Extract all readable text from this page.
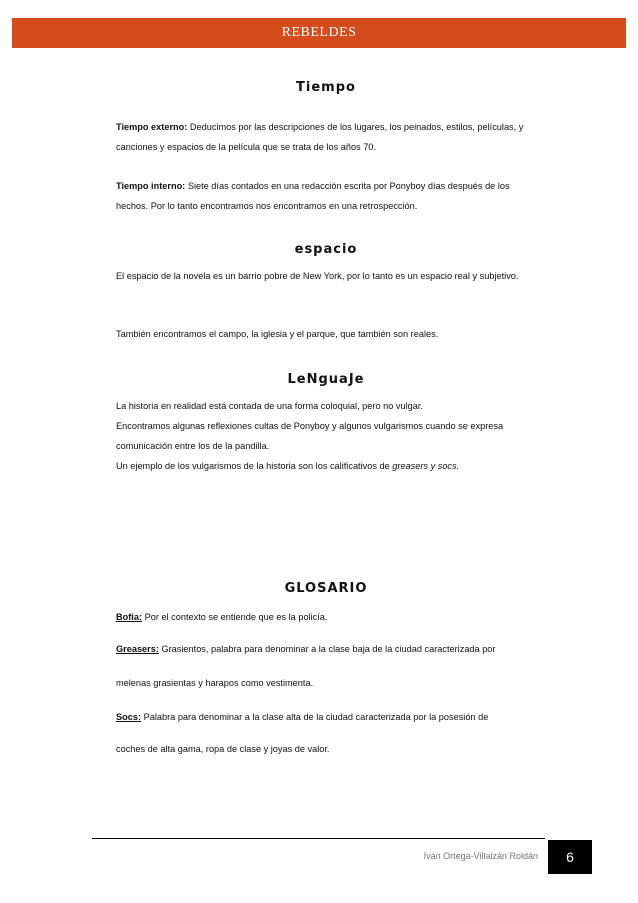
REBELDES
Tiempo

Tiempo externo: Deducimos por las descripciones de los lugares, los peinados, estilos, películas, y canciones y espacios de la película que se trata de los años 70.

Tiempo interno: Siete días contados en una redacción escrita por Ponyboy días después de los hechos. Por lo tanto encontramos nos encontramos en una retrospección.

espacio

El espacio de la novela es un barrio pobre de New York, por lo tanto es un espacio real y subjetivo.

También encontramos el campo, la iglesia y el parque, que también son reales.

LeNguaJe

La historia en realidad está contada de una forma coloquial, pero no vulgar.

Encontramos algunas reflexiones cultas de Ponyboy y algunos vulgarismos cuando se expresa comunicación entre los de la pandilla.

Un ejemplo de los vulgarismos de la historia son los calificativos de greasers y socs.

GLOSARIO

Bofia: Por el contexto se entiende que es la policía.

Greasers: Grasientos, palabra para denominar a la clase baja de la ciudad caracterizada por

melenas grasientas y harapos como vestimenta.

Socs: Palabra para denominar a la clase alta de la ciudad caracterizada por la posesión de

coches de alta gama, ropa de clase y joyas de valor.

Iván Ortega-Villaizán Roldán	6
